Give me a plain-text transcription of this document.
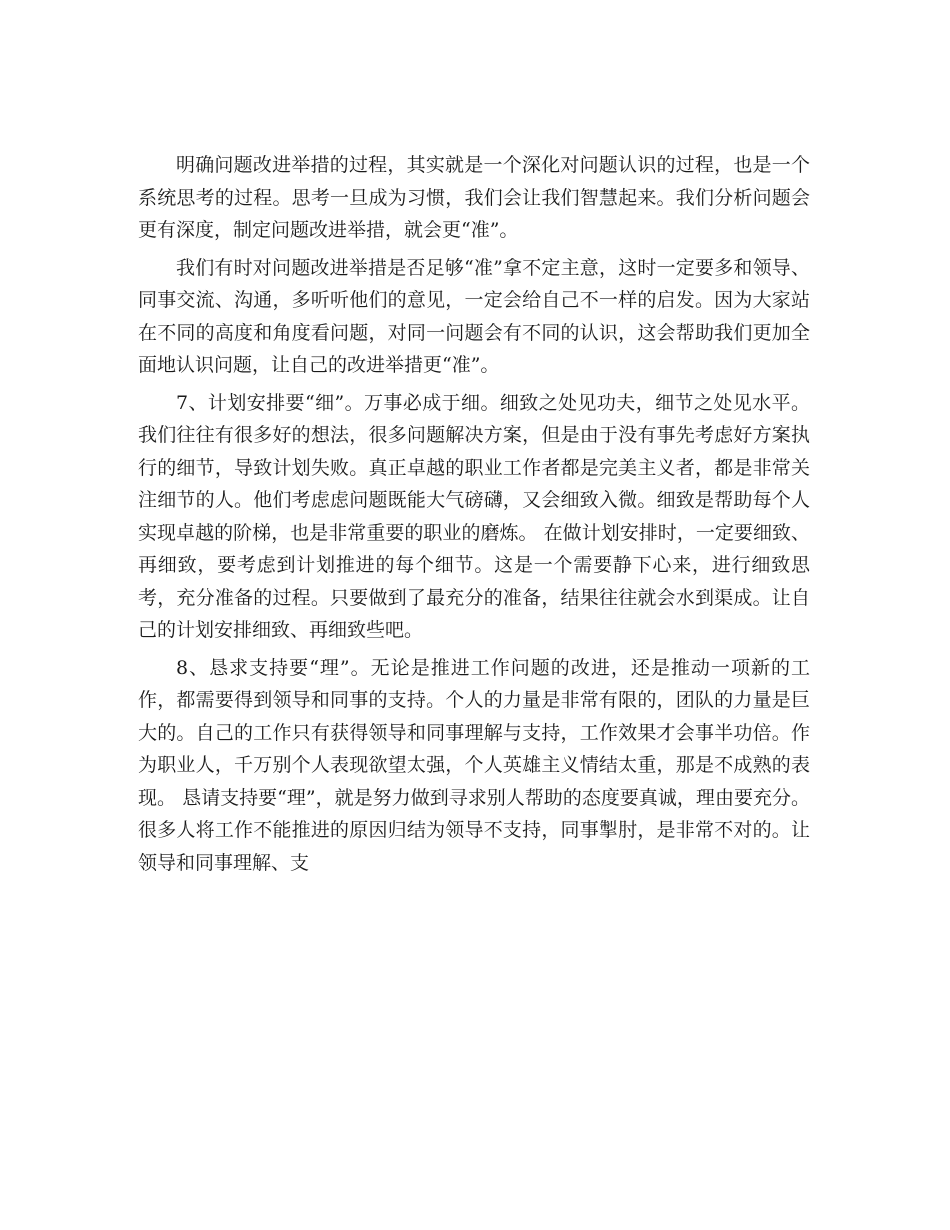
明确问题改进举措的过程，其实就是一个深化对问题认识的过程，也是一个系统思考的过程。思考一旦成为习惯，我们会让我们智慧起来。我们分析问题会更有深度，制定问题改进举措，就会更“准”。

我们有时对问题改进举措是否足够“准”拿不定主意，这时一定要多和领导、同事交流、沟通，多听听他们的意见，一定会给自己不一样的启发。因为大家站在不同的高度和角度看问题，对同一问题会有不同的认识，这会帮助我们更加全面地认识问题，让自己的改进举措更“准”。

7、计划安排要“细”。万事必成于细。细致之处见功夫，细节之处见水平。我们往往有很多好的想法，很多问题解决方案，但是由于没有事先考虑好方案执行的细节，导致计划失败。真正卓越的职业工作者都是完美主义者，都是非常关注细节的人。他们考虑虑问题既能大气磅礴，又会细致入微。细致是帮助每个人实现卓越的阶梯，也是非常重要的职业的磨炼。 在做计划安排时，一定要细致、再细致，要考虑到计划推进的每个细节。这是一个需要静下心来，进行细致思考，充分准备的过程。只要做到了最充分的准备，结果往往就会水到渠成。让自己的计划安排细致、再细致些吧。

8、恳求支持要“理”。无论是推进工作问题的改进，还是推动一项新的工作，都需要得到领导和同事的支持。个人的力量是非常有限的，团队的力量是巨大的。自己的工作只有获得领导和同事理解与支持，工作效果才会事半功倍。作为职业人，千万别个人表现欲望太强，个人英雄主义情结太重，那是不成熟的表现。 恳请支持要“理”，就是努力做到寻求别人帮助的态度要真诚，理由要充分。很多人将工作不能推进的原因归结为领导不支持，同事掣肘，是非常不对的。让领导和同事理解、支
